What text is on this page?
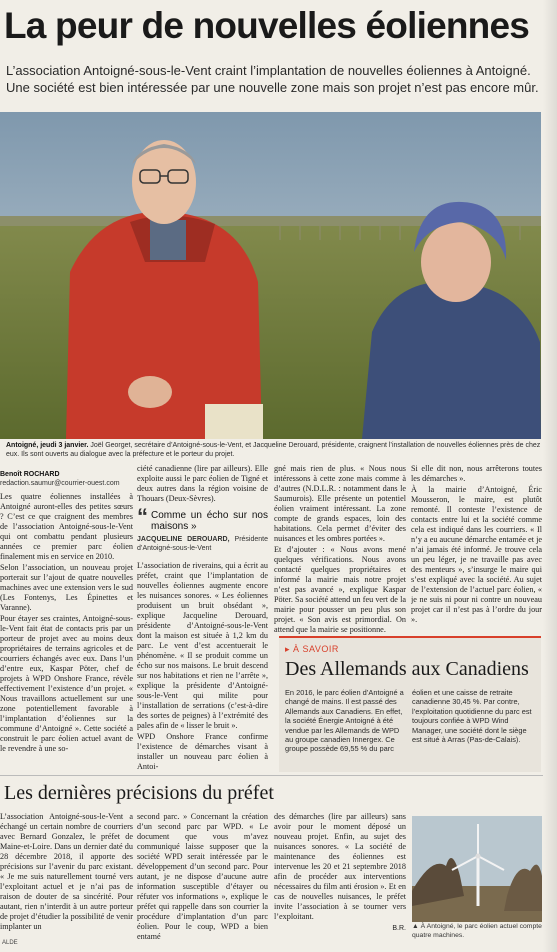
La peur de nouvelles éoliennes
L’association Antoigné-sous-le-Vent craint l’implantation de nouvelles éoliennes à Antoigné. Une société est bien intéressée par une nouvelle zone mais son projet n’est pas encore mûr.
Antoigné, jeudi 3 janvier. Joël Georget, secrétaire d’Antoigné-sous-le-Vent, et Jacqueline Derouard, présidente, craignent l’installation de nouvelles éoliennes près de chez eux. Ils sont ouverts au dialogue avec la préfecture et le porteur du projet.
Benoît ROCHARD
redaction.saumur@courrier-ouest.com

Les quatre éoliennes installées à Antoigné auront-elles des petites sœurs ? C’est ce que craignent des membres de l’association Antoigné-sous-le-Vent qui ont combattu pendant plusieurs années ce premier parc éolien finalement mis en service en 2010.

Selon l’association, un nouveau projet porterait sur l’ajout de quatre nouvelles machines avec une extension vers le sud (Les Fontenys, Les Épinettes et Varanne).

Pour étayer ses craintes, Antoigné-sous-le-Vent fait état de contacts pris par un porteur de projet avec au moins deux propriétaires de terrains agricoles et de courriers échangés avec eux. Dans l’un d’entre eux, Kaspar Pöter, chef de projets à WPD Onshore France, révèle effectivement l’existence d’un projet. « Nous travaillons actuellement sur une zone potentiellement favorable à l’implantation d’éoliennes sur la commune d’Antoigné ». Cette société a construit le parc éolien actuel avant de le revendre à une so-

ciété canadienne (lire par ailleurs). Elle exploite aussi le parc éolien de Tigné et deux autres dans la région voisine de Thouars (Deux-Sèvres).

“ Comme un écho sur nos maisons »
JACQUELINE DEROUARD, Présidente d’Antoigné-sous-le-Vent

L’association de riverains, qui a écrit au préfet, craint que l’implantation de nouvelles éoliennes augmente encore les nuisances sonores. « Les éoliennes produisent un bruit obsédant », explique Jacqueline Derouard, présidente d’Antoigné-sous-le-Vent dont la maison est située à 1,2 km du parc. Le vent d’est accentuerait le phénomène. « Il se produit comme un écho sur nos maisons. Le bruit descend sur nos habitations et rien ne l’arrête », explique la présidente d’Antoigné-sous-le-Vent qui milite pour l’installation de serrations (c’est-à-dire des sortes de peignes) à l’extrémité des pales afin de « lisser le bruit ».

WPD Onshore France confirme l’existence de démarches visant à installer un nouveau parc éolien à Antoi-

gné mais rien de plus. « Nous nous intéressons à cette zone mais comme à d’autres (N.D.L.R. : notamment dans le Saumurois). Elle présente un potentiel éolien vraiment intéressant. La zone compte de grands espaces, loin des habitations. Cela permet d’éviter des nuisances et les ombres portées ».

Et d’ajouter : « Nous avons mené quelques vérifications. Nous avons contacté quelques propriétaires et informé la mairie mais notre projet n’est pas avancé », explique Kaspar Pöter. Sa société attend un feu vert de la mairie pour pousser un peu plus son projet. « Son avis est primordial. On attend que la mairie se positionne.

Si elle dit non, nous arrêterons toutes les démarches ».

À la mairie d’Antoigné, Éric Mousseron, le maire, est plutôt remonté. Il conteste l’existence de contacts entre lui et la société comme cela est indiqué dans les courriers. « Il n’y a eu aucune démarche entamée et je n’ai jamais été informé. Je trouve cela un peu léger, je ne travaille pas avec des menteurs », s’insurge le maire qui s’est expliqué avec la société. Au sujet de l’extension de l’actuel parc éolien, « je ne suis ni pour ni contre un nouveau projet car il n’est pas à l’ordre du jour ».

▸ À SAVOIR
Des Allemands aux Canadiens
En 2016, le parc éolien d’Antoigné a changé de mains. Il est passé des Allemands aux Canadiens. En effet, la société Énergie Antoigné à été vendue par les Allemands de WPD au groupe canadien Innergex. Ce groupe possède 69,55 % du parc
éolien et une caisse de retraite canadienne 30,45 %. Par contre, l’exploitation quotidienne du parc est toujours confiée à WPD Wind Manager, une société dont le siège est situé à Arras (Pas-de-Calais).
Les dernières précisions du préfet

L’association Antoigné-sous-le-Vent a échangé un certain nombre de courriers avec Bernard Gonzalez, le préfet de Maine-et-Loire. Dans un dernier daté du 28 décembre 2018, il apporte des précisions sur l’avenir du parc existant. « Je me suis naturellement tourné vers l’exploitant actuel et je n’ai pas de raison de douter de sa sincérité. Pour autant, rien n’interdit à un autre porteur de projet d’étudier la possibilité de venir implanter un

second parc. » Concernant la création d’un second parc par WPD. « Le document que vous m’avez communiqué laisse supposer que la société WPD serait intéressée par le développement d’un second parc. Pour autant, je ne dispose d’aucune autre information susceptible d’étayer ou réfuter vos informations », explique le préfet qui rappelle dans son courrier la procédure d’implantation d’un parc éolien. Pour le coup, WPD a bien entamé

des démarches (lire par ailleurs) sans avoir pour le moment déposé un nouveau projet. Enfin, au sujet des nuisances sonores. « La société de maintenance des éoliennes est intervenue les 20 et 21 septembre 2018 afin de procéder aux interventions nécessaires du film anti érosion ». Et en cas de nouvelles nuisances, le préfet invite l’association à se tourner vers l’exploitant.

B.R. ▲ À Antoigné, le parc éolien actuel compte quatre machines.
ALDE
